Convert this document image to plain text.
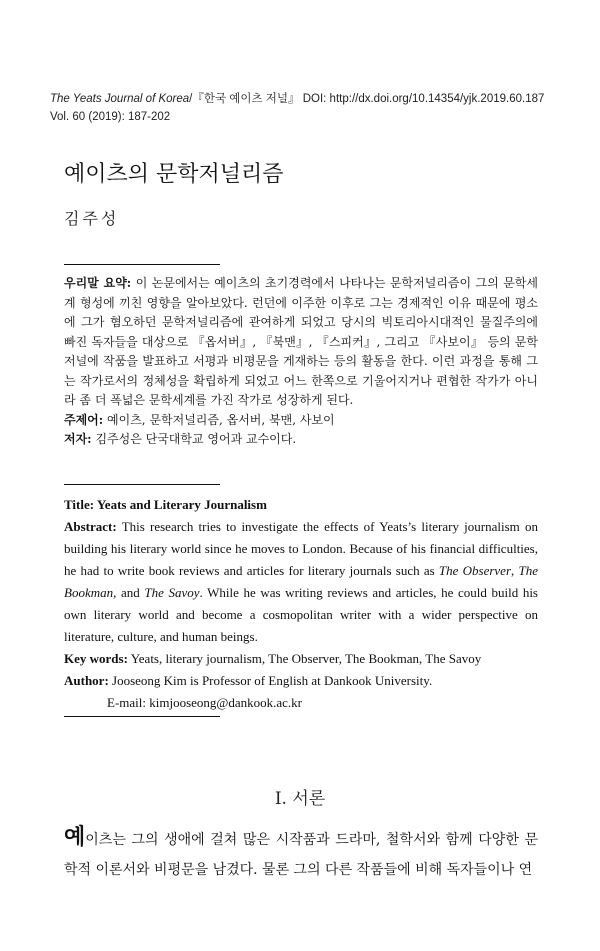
The Yeats Journal of Korea/『한국 예이츠 저널』 DOI: http://dx.doi.org/10.14354/yjk.2019.60.187
Vol. 60 (2019): 187-202
예이츠의 문학저널리즘
김주성

우리말 요약: 이 논문에서는 예이츠의 초기경력에서 나타나는 문학저널리즘이 그의 문학세계 형성에 끼친 영향을 알아보았다. 런던에 이주한 이후로 그는 경제적인 이유 때문에 평소에 그가 혐오하던 문학저널리즘에 관여하게 되었고 당시의 빅토리아시대적인 물질주의에 빠진 독자들을 대상으로 『옵서버』, 『북맨』, 『스피커』, 그리고 『사보이』 등의 문학저널에 작품을 발표하고 서평과 비평문을 게재하는 등의 활동을 한다. 이런 과정을 통해 그는 작가로서의 정체성을 확립하게 되었고 어느 한쪽으로 기울어지거나 편협한 작가가 아니라 좀 더 폭넓은 문학세계를 가진 작가로 성장하게 된다.

주제어: 예이츠, 문학저널리즘, 옵서버, 북맨, 사보이

저자: 김주성은 단국대학교 영어과 교수이다.

Title: Yeats and Literary Journalism

Abstract: This research tries to investigate the effects of Yeats’s literary journalism on building his literary world since he moves to London. Because of his financial difficulties, he had to write book reviews and articles for literary journals such as The Observer, The Bookman, and The Savoy. While he was writing reviews and articles, he could build his own literary world and become a cosmopolitan writer with a wider perspective on literature, culture, and human beings.

Key words: Yeats, literary journalism, The Observer, The Bookman, The Savoy

Author: Jooseong Kim is Professor of English at Dankook University.

E-mail: kimjooseong@dankook.ac.kr

I. 서론

예이츠는 그의 생애에 걸쳐 많은 시작품과 드라마, 철학서와 함께 다양한 문학적 이론서와 비평문을 남겼다. 물론 그의 다른 작품들에 비해 독자들이나 연
